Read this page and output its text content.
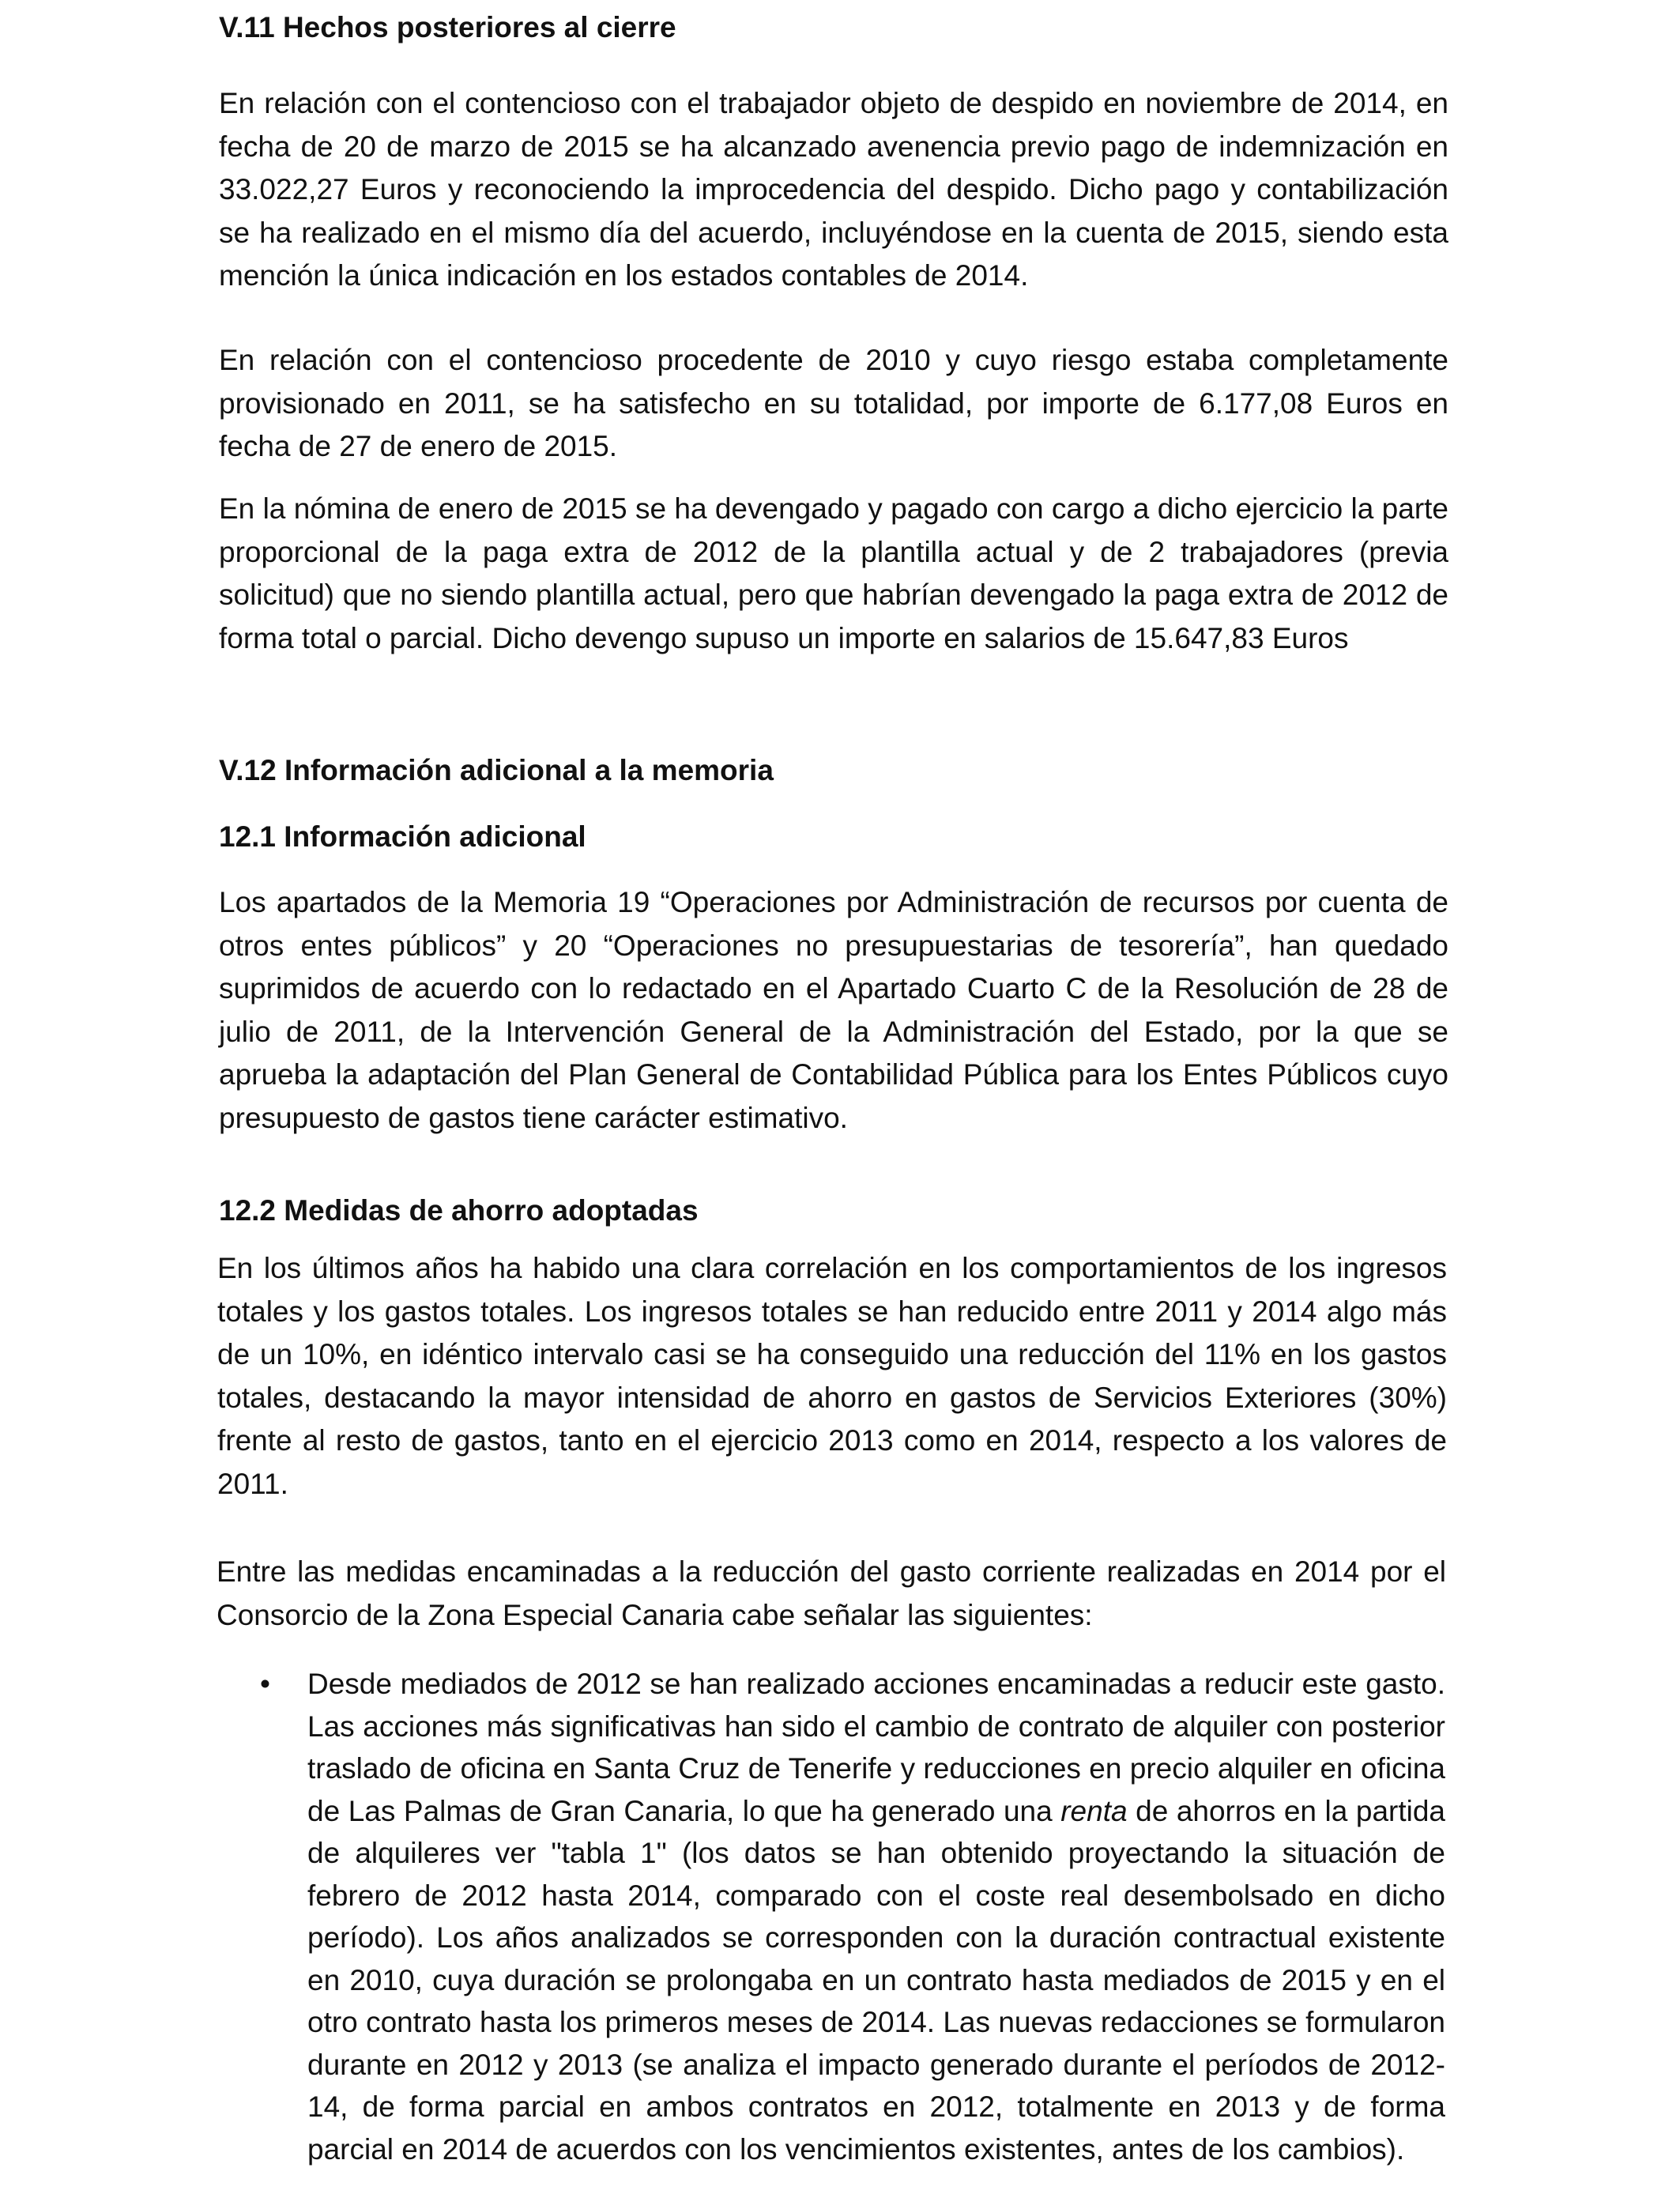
V.11 Hechos posteriores al cierre

En relación con el contencioso con el trabajador objeto de despido en noviembre de 2014, en fecha de 20 de marzo de 2015 se ha alcanzado avenencia previo pago de indemnización en 33.022,27 Euros y reconociendo la improcedencia del despido. Dicho pago y contabilización se ha realizado en el mismo día del acuerdo, incluyéndose en la cuenta de 2015, siendo esta mención la única indicación en los estados contables de 2014.

En relación con el contencioso procedente de 2010 y cuyo riesgo estaba completamente provisionado en 2011, se ha satisfecho en su totalidad, por importe de 6.177,08 Euros en fecha de 27 de enero de 2015.

En la nómina de enero de 2015 se ha devengado y pagado con cargo a dicho ejercicio la parte proporcional de la paga extra de 2012 de la plantilla actual y de 2 trabajadores (previa solicitud) que no siendo plantilla actual, pero que habrían devengado la paga extra de 2012 de forma total o parcial. Dicho devengo supuso un importe en salarios de 15.647,83 Euros

V.12 Información adicional a la memoria
12.1 Información adicional

Los apartados de la Memoria 19 “Operaciones por Administración de recursos por cuenta de otros entes públicos” y 20 “Operaciones no presupuestarias de tesorería”, han quedado suprimidos de acuerdo con lo redactado en el Apartado Cuarto C de la Resolución de 28 de julio de 2011, de la Intervención General de la Administración del Estado, por la que se aprueba la adaptación del Plan General de Contabilidad Pública para los Entes Públicos cuyo presupuesto de gastos tiene carácter estimativo.

12.2 Medidas de ahorro adoptadas

En los últimos años ha habido una clara correlación en los comportamientos de los ingresos totales y los gastos totales. Los ingresos totales se han reducido entre 2011 y 2014 algo más de un 10%, en idéntico intervalo casi se ha conseguido una reducción del 11% en los gastos totales, destacando la mayor intensidad de ahorro en gastos de Servicios Exteriores (30%) frente al resto de gastos, tanto en el ejercicio 2013 como en 2014, respecto a los valores de 2011.

Entre las medidas encaminadas a la reducción del gasto corriente realizadas en 2014 por el Consorcio de la Zona Especial Canaria cabe señalar las siguientes:

• Desde mediados de 2012 se han realizado acciones encaminadas a reducir este gasto. Las acciones más significativas han sido el cambio de contrato de alquiler con posterior traslado de oficina en Santa Cruz de Tenerife y reducciones en precio alquiler en oficina de Las Palmas de Gran Canaria, lo que ha generado una renta de ahorros en la partida de alquileres ver "tabla 1" (los datos se han obtenido proyectando la situación de febrero de 2012 hasta 2014, comparado con el coste real desembolsado en dicho período). Los años analizados se corresponden con la duración contractual existente en 2010, cuya duración se prolongaba en un contrato hasta mediados de 2015 y en el otro contrato hasta los primeros meses de 2014. Las nuevas redacciones se formularon durante en 2012 y 2013 (se analiza el impacto generado durante el períodos de 2012-14, de forma parcial en ambos contratos en 2012, totalmente en 2013 y de forma parcial en 2014 de acuerdos con los vencimientos existentes, antes de los cambios).
